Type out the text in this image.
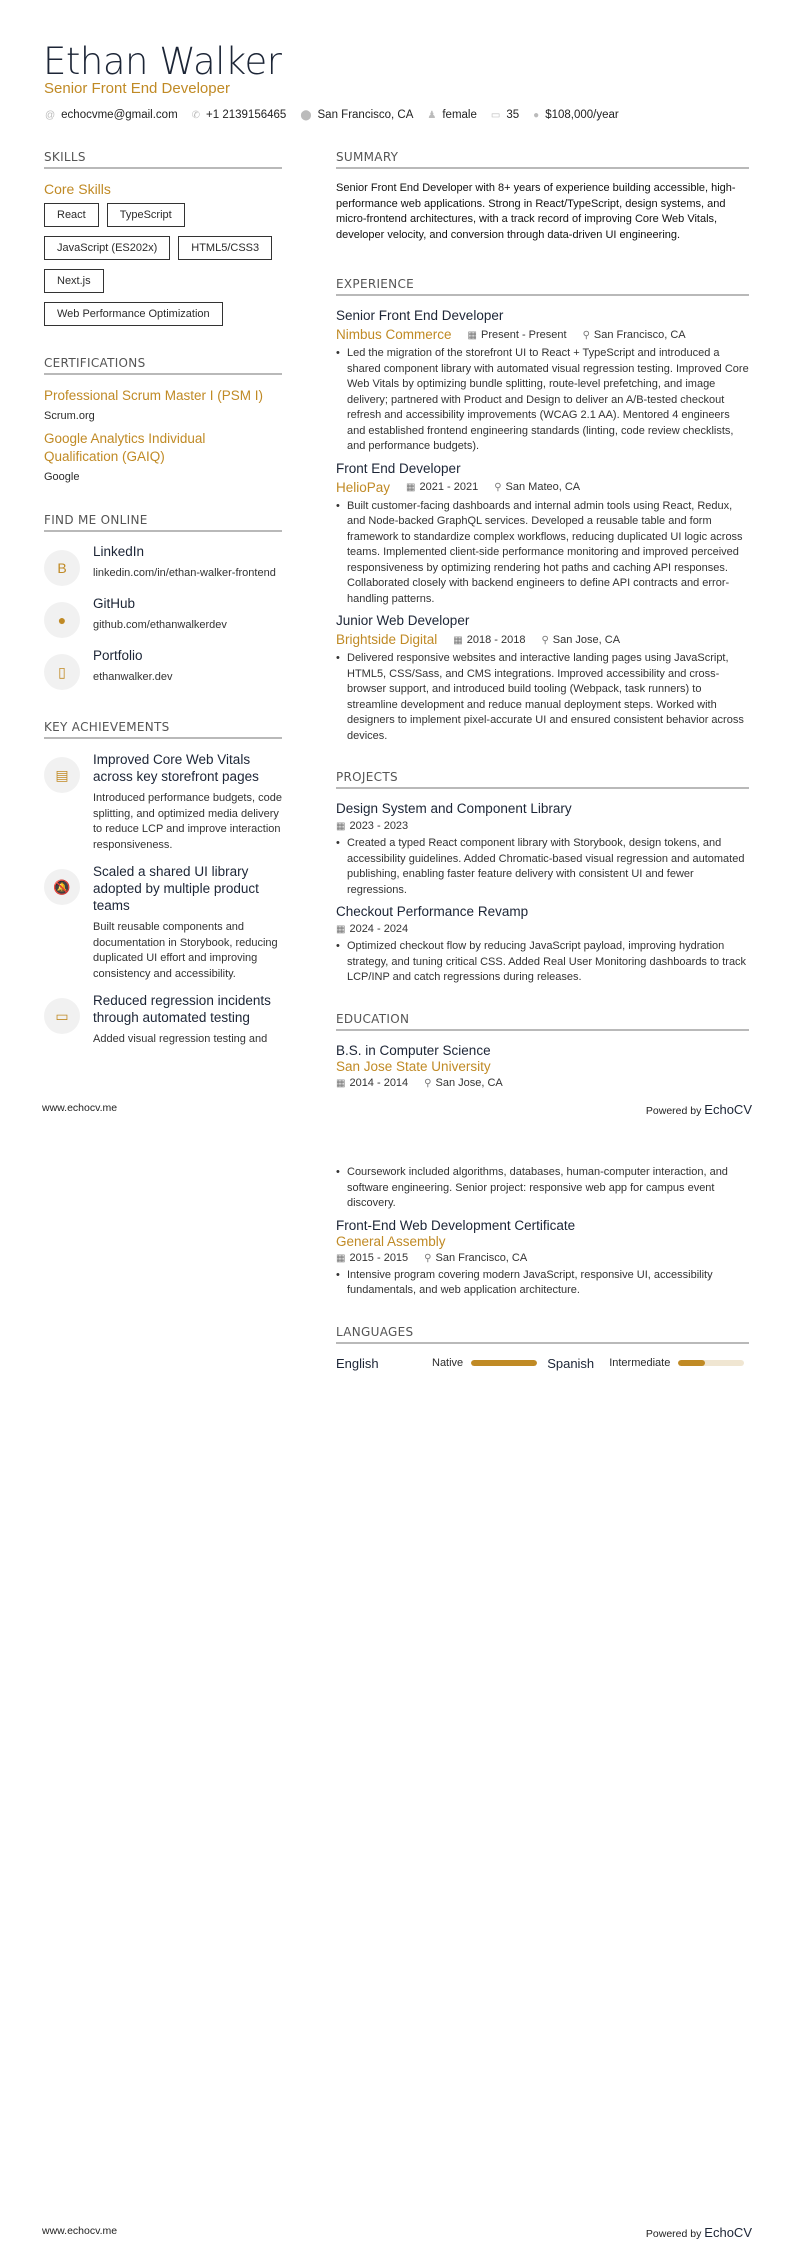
Ethan Walker
Senior Front End Developer
@ echocvme@gmail.com ✆ +1 2139156465 ⬤ San Francisco, CA ♟ female ▭ 35 ● $108,000/year
SKILLS
Core Skills
React	TypeScript
JavaScript (ES202x)	HTML5/CSS3
Next.js
Web Performance Optimization
CERTIFICATIONS
Professional Scrum Master I (PSM I)
Scrum.org
Google Analytics Individual Qualification (GAIQ)
Google
FIND ME ONLINE
B
LinkedIn
linkedin.com/in/ethan-walker-frontend
●
GitHub
github.com/ethanwalkerdev
▯
Portfolio
ethanwalker.dev
KEY ACHIEVEMENTS
▤
Improved Core Web Vitals across key storefront pages
Introduced performance budgets, code splitting, and optimized media delivery to reduce LCP and improve interaction responsiveness.
🔕
Scaled a shared UI library adopted by multiple product teams
Built reusable components and documentation in Storybook, reducing duplicated UI effort and improving consistency and accessibility.
▭
Reduced regression incidents through automated testing
Added visual regression testing and
SUMMARY
Senior Front End Developer with 8+ years of experience building accessible, high-performance web applications. Strong in React/TypeScript, design systems, and micro-frontend architectures, with a track record of improving Core Web Vitals, developer velocity, and conversion through data-driven UI engineering.
EXPERIENCE
Senior Front End Developer
Nimbus Commerce ▦ Present - Present ⚲ San Francisco, CA
• Led the migration of the storefront UI to React + TypeScript and introduced a shared component library with automated visual regression testing. Improved Core Web Vitals by optimizing bundle splitting, route-level prefetching, and image delivery; partnered with Product and Design to deliver an A/B-tested checkout refresh and accessibility improvements (WCAG 2.1 AA). Mentored 4 engineers and established frontend engineering standards (linting, code review checklists, and performance budgets).
Front End Developer
HelioPay ▦ 2021 - 2021 ⚲ San Mateo, CA
• Built customer-facing dashboards and internal admin tools using React, Redux, and Node-backed GraphQL services. Developed a reusable table and form framework to standardize complex workflows, reducing duplicated UI logic across teams. Implemented client-side performance monitoring and improved perceived responsiveness by optimizing rendering hot paths and caching API responses. Collaborated closely with backend engineers to define API contracts and error-handling patterns.
Junior Web Developer
Brightside Digital ▦ 2018 - 2018 ⚲ San Jose, CA
• Delivered responsive websites and interactive landing pages using JavaScript, HTML5, CSS/Sass, and CMS integrations. Improved accessibility and cross-browser support, and introduced build tooling (Webpack, task runners) to streamline development and reduce manual deployment steps. Worked with designers to implement pixel-accurate UI and ensured consistent behavior across devices.
PROJECTS
Design System and Component Library
▦ 2023 - 2023
• Created a typed React component library with Storybook, design tokens, and accessibility guidelines. Added Chromatic-based visual regression and automated publishing, enabling faster feature delivery with consistent UI and fewer regressions.
Checkout Performance Revamp
▦ 2024 - 2024
• Optimized checkout flow by reducing JavaScript payload, improving hydration strategy, and tuning critical CSS. Added Real User Monitoring dashboards to track LCP/INP and catch regressions during releases.
EDUCATION
B.S. in Computer Science
San Jose State University
▦ 2014 - 2014 ⚲ San Jose, CA
www.echocv.me	Powered by EchoCV
• Coursework included algorithms, databases, human-computer interaction, and software engineering. Senior project: responsive web app for campus event discovery.
Front-End Web Development Certificate
General Assembly
▦ 2015 - 2015 ⚲ San Francisco, CA
• Intensive program covering modern JavaScript, responsive UI, accessibility fundamentals, and web application architecture.
LANGUAGES
English	Native	Spanish	Intermediate
www.echocv.me	Powered by EchoCV
